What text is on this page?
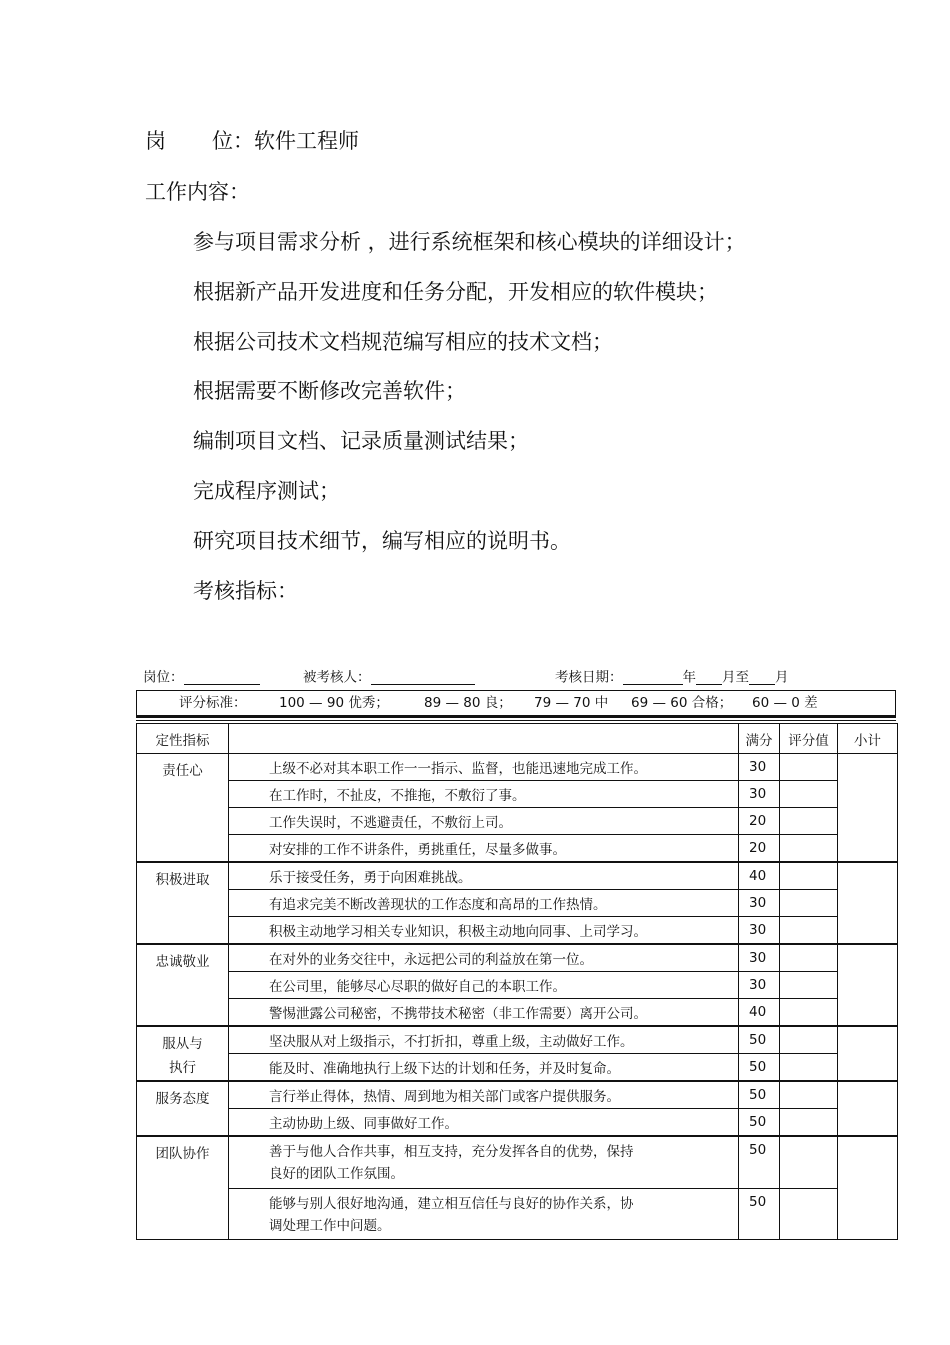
岗 位：软件工程师
工作内容：
参与项目需求分析 ，进行系统框架和核心模块的详细设计；
根据新产品开发进度和任务分配，开发相应的软件模块；
根据公司技术文档规范编写相应的技术文档；
根据需要不断修改完善软件；
编制项目文档、记录质量测试结果；
完成程序测试；
研究项目技术细节，编写相应的说明书。
考核指标：
岗位：	被考核人：	考核日期：	年 月至 月
评分标准： 100 — 90 优秀；	89 — 80 良； 79 — 70 中 69 — 60 合格； 60 — 0 差
定性指标		满分	评分值	小计
责任心	上级不必对其本职工作一一指示、监督，也能迅速地完成工作。	30		
	在工作时，不扯皮，不推拖，不敷衍了事。	30		
	工作失误时，不逃避责任，不敷衍上司。	20		
	对安排的工作不讲条件，勇挑重任，尽量多做事。	20		
积极进取	乐于接受任务，勇于向困难挑战。	40		
	有追求完美不断改善现状的工作态度和高昂的工作热情。	30		
	积极主动地学习相关专业知识，积极主动地向同事、上司学习。	30		
忠诚敬业	在对外的业务交往中，永远把公司的利益放在第一位。	30		
	在公司里，能够尽心尽职的做好自己的本职工作。	30		
	警惕泄露公司秘密，不携带技术秘密（非工作需要）离开公司。	40		

服从与
执行	坚决服从对上级指示，不打折扣，尊重上级，主动做好工作。	50		
	能及时、准确地执行上级下达的计划和任务，并及时复命。	50		
服务态度	言行举止得体，热情、周到地为相关部门或客户提供服务。	50		
	主动协助上级、同事做好工作。	50		
团队协作	善于与他人合作共事，相互支持，充分发挥各自的优势，保持
良好的团队工作氛围。	50		

	能够与别人很好地沟通，建立相互信任与良好的协作关系，协
调处理工作中问题。	50		
